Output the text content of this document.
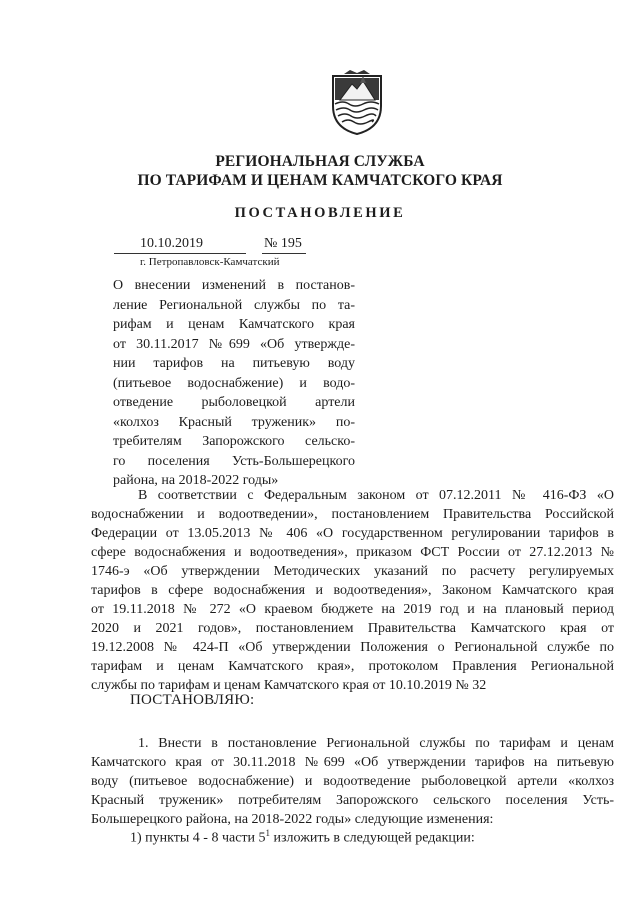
РЕГИОНАЛЬНАЯ СЛУЖБА
ПО ТАРИФАМ И ЦЕНАМ КАМЧАТСКОГО КРАЯ
ПОСТАНОВЛЕНИЕ
10.10.2019	№ 195
г. Петропавловск-Камчатский
О внесении изменений в постанов-
ление Региональной службы по та-
рифам и ценам Камчатского края
от 30.11.2017 №699 «Об утвержде-
нии тарифов на питьевую воду
(питьевое водоснабжение) и водо-
отведение рыболовецкой артели
«колхоз Красный труженик» по-
требителям Запорожского сельско-
го поселения Усть-Большерецкого
района, на 2018-2022 годы»
В соответствии с Федеральным законом от 07.12.2011 № 416-ФЗ «О
водоснабжении и водоотведении», постановлением Правительства Российской
Федерации от 13.05.2013 № 406 «О государственном регулировании тарифов в
сфере водоснабжения и водоотведения», приказом ФСТ России от 27.12.2013 №
1746-э «Об утверждении Методических указаний по расчету регулируемых
тарифов в сфере водоснабжения и водоотведения», Законом Камчатского края
от 19.11.2018 № 272 «О краевом бюджете на 2019 год и на плановый период
2020 и 2021 годов», постановлением Правительства Камчатского края от
19.12.2008 № 424-П «Об утверждении Положения о Региональной службе по
тарифам и ценам Камчатского края», протоколом Правления Региональной
службы по тарифам и ценам Камчатского края от 10.10.2019 № 32
ПОСТАНОВЛЯЮ:
1. Внести в постановление Региональной службы по тарифам и ценам
Камчатского края от 30.11.2018 №699 «Об утверждении тарифов на питьевую
воду (питьевое водоснабжение) и водоотведение рыболовецкой артели «колхоз
Красный труженик» потребителям Запорожского сельского поселения Усть-
Большерецкого района, на 2018-2022 годы» следующие изменения:
1) пункты 4 - 8 части $5^1$ изложить в следующей редакции:
